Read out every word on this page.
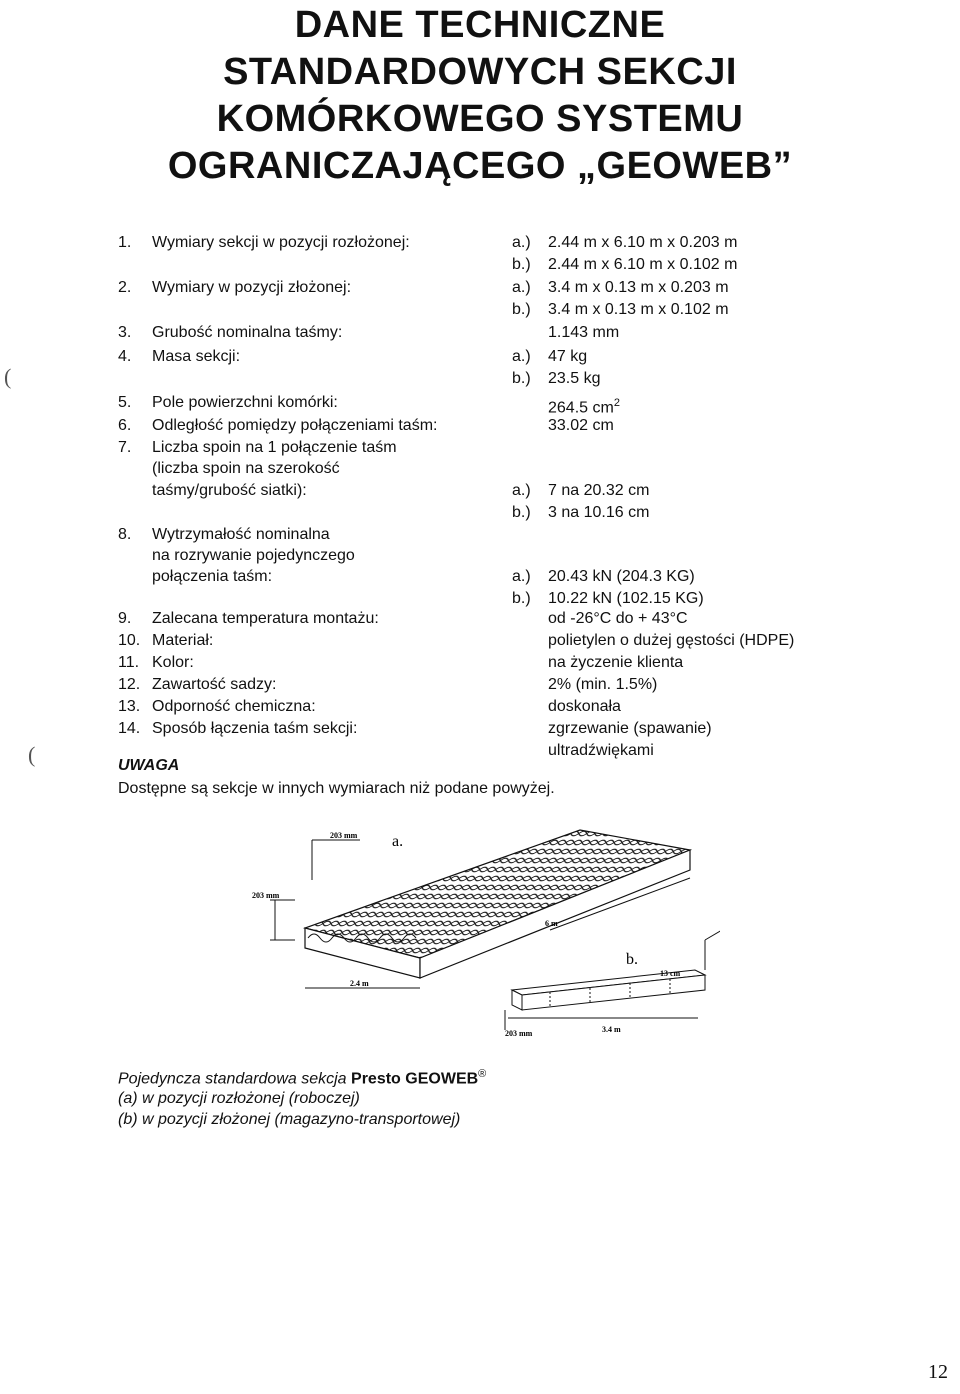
DANE TECHNICZNE
STANDARDOWYCH SEKCJI
KOMÓRKOWEGO SYSTEMU
OGRANICZAJĄCEGO „GEOWEB”
(
(
1.	Wymiary sekcji w pozycji rozłożonej:	a.) 2.44 m x 6.10 m x 0.203 m
b.) 2.44 m x 6.10 m x 0.102 m
2.	Wymiary w pozycji złożonej:	a.) 3.4 m x 0.13 m x 0.203 m
b.) 3.4 m x 0.13 m x 0.102 m
3.	Grubość nominalna taśmy:	1.143 mm
4.	Masa sekcji:	a.) 47 kg
b.) 23.5 kg
5.	Pole powierzchni komórki:	264.5 $cm^2$
6.	Odległość pomiędzy połączeniami taśm:	33.02 cm
7.	Liczba spoin na 1 połączenie taśm
(liczba spoin na szerokość
taśmy/grubość siatki):	a.) 7 na 20.32 cm
b.) 3 na 10.16 cm
8.	Wytrzymałość nominalna
na rozrywanie pojedynczego
połączenia taśm:	a.) 20.43 kN (204.3 KG)
b.) 10.22 kN (102.15 KG)
9.	Zalecana temperatura montażu:	od -26°C do + 43°C
10. Materiał:	polietylen o dużej gęstości (HDPE)
11. Kolor:	na życzenie klienta
12. Zawartość sadzy:	2% (min. 1.5%)
13. Odporność chemiczna:	doskonała
14. Sposób łączenia taśm sekcji:	zgrzewanie (spawanie)
ultradźwiękami
UWAGA
Dostępne są sekcje w innych wymiarach niż podane powyżej.
203 mm a.
203 mm
2.4 m
6 m
b.
13 cm
203 mm	3.4 m
Pojedyncza standardowa sekcja Presto GEOWEB®
(a) w pozycji rozłożonej (roboczej)
(b) w pozycji złożonej (magazyno-transportowej)
12
